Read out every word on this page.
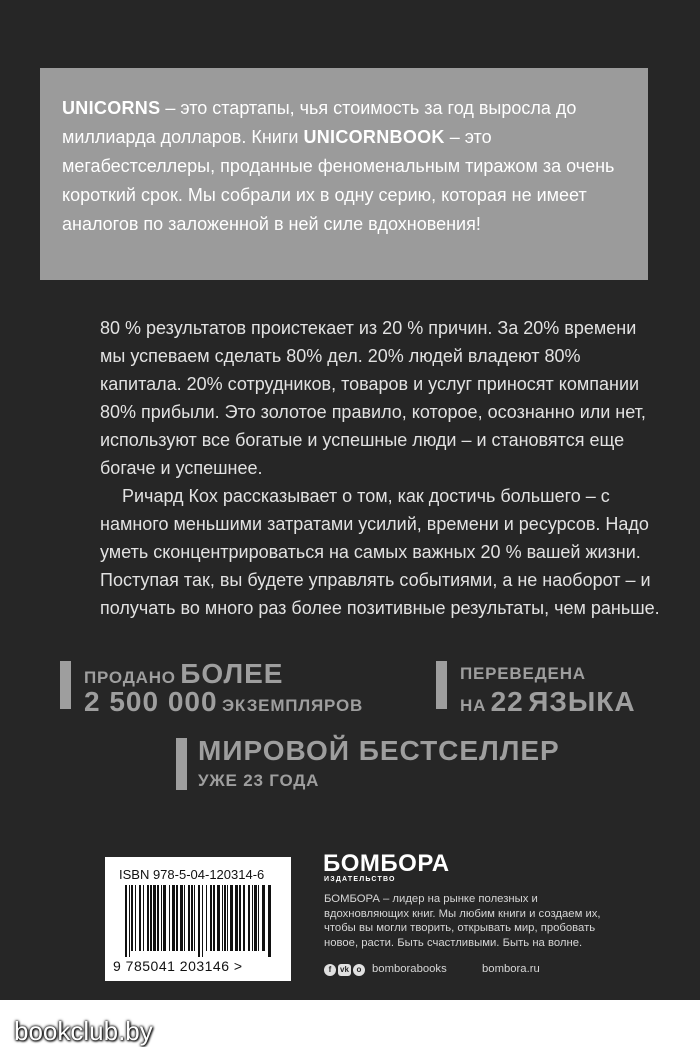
UNICORNS – это стартапы, чья стоимость за год выросла до миллиарда долларов. Книги UNICORNBOOK – это мегабестселлеры, проданные феноменальным тиражом за очень короткий срок. Мы собрали их в одну серию, которая не имеет аналогов по заложенной в ней силе вдохновения!

80 % результатов проистекает из 20 % причин. За 20% времени мы успеваем сделать 80% дел. 20% людей владеют 80% капитала. 20% сотрудников, товаров и услуг приносят компании 80% прибыли. Это золотое правило, которое, осознанно или нет, используют все богатые и успешные люди – и становятся еще богаче и успешнее.

Ричард Кох рассказывает о том, как достичь большего – с намного меньшими затратами усилий, времени и ресурсов. Надо уметь сконцентрироваться на самых важных 20 % вашей жизни. Поступая так, вы будете управлять событиями, а не наоборот – и получать во много раз более позитивные результаты, чем раньше.

ПРОДАНО БОЛЕЕ
2 500 000 ЭКЗЕМПЛЯРОВ
ПЕРЕВЕДЕНА
НА 22 ЯЗЫКА
МИРОВОЙ БЕСТСЕЛЛЕР
УЖЕ 23 ГОДА
ISBN 978-5-04-120314-6
9 785041 203146 >
БОМБОРА
ИЗДАТЕЛЬСТВО

БОМБОРА – лидер на рынке полезных и вдохновляющих книг. Мы любим книги и создаем их, чтобы вы могли творить, открывать мир, пробовать новое, расти. Быть счастливыми. Быть на волне.

f	vk o bomborabooks	bombora.ru
bookclub.by
